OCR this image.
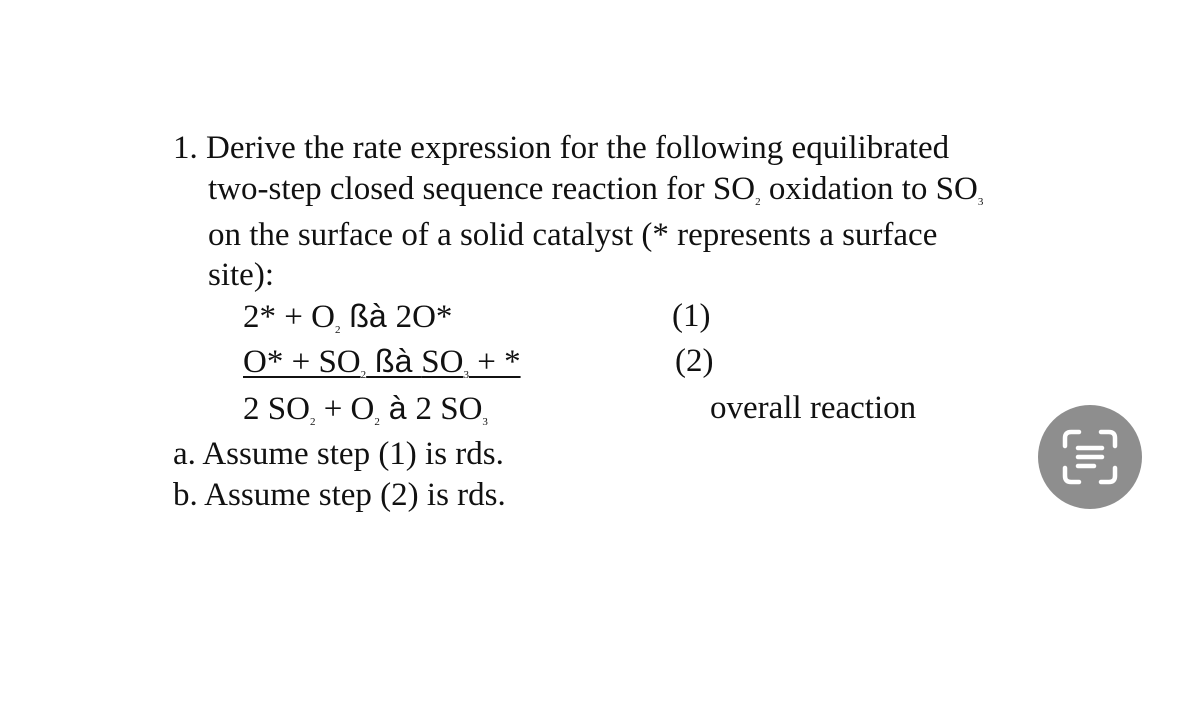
1. Derive the rate expression for the following equilibrated
two-step closed sequence reaction for $SO_2$ oxidation to $SO_3$
on the surface of a solid catalyst (* represents a surface
site):
$2* + O_2$ ßà 2O*	(1)
$O* + SO_2$ ßà $SO_3$ + *	(2)
2 $SO_2 + O_2$ à 2 $SO_3$	overall reaction
a. Assume step (1) is rds.
b. Assume step (2) is rds.
